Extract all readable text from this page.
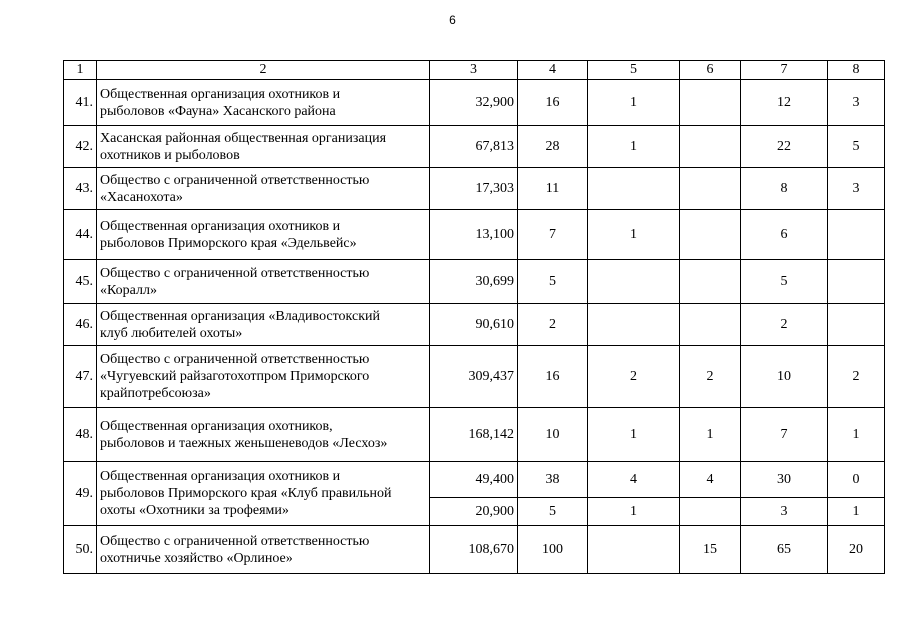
6
1	2	3	4	5	6	7	8
41.	Общественная организация охотников и
рыболовов «Фауна» Хасанского района	32,900	16	1		12	3
42.	Хасанская районная общественная организация
охотников и рыболовов	67,813	28	1		22	5
43.	Общество с ограниченной ответственностью
«Хасанохота»	17,303	11			8	3
44.	Общественная организация охотников и
рыболовов Приморского края «Эдельвейс»	13,100	7	1		6	
45.	Общество с ограниченной ответственностью
«Коралл»	30,699	5			5	
46.	Общественная организация «Владивостокский
клуб любителей охоты»	90,610	2			2	
47.	Общество с ограниченной ответственностью
«Чугуевский райзаготохотпром Приморского
крайпотребсоюза»	309,437	16	2	2	10	2
48.	Общественная организация охотников,
рыболовов и таежных женьшеневодов «Лесхоз»	168,142	10	1	1	7	1
49.	Общественная организация охотников и
рыболовов Приморского края «Клуб правильной
охоты «Охотники за трофеями»	49,400	38	4	4	30	0
		20,900	5	1		3	1
50.	Общество с ограниченной ответственностью
охотничье хозяйство «Орлиное»	108,670	100		15	65	20
